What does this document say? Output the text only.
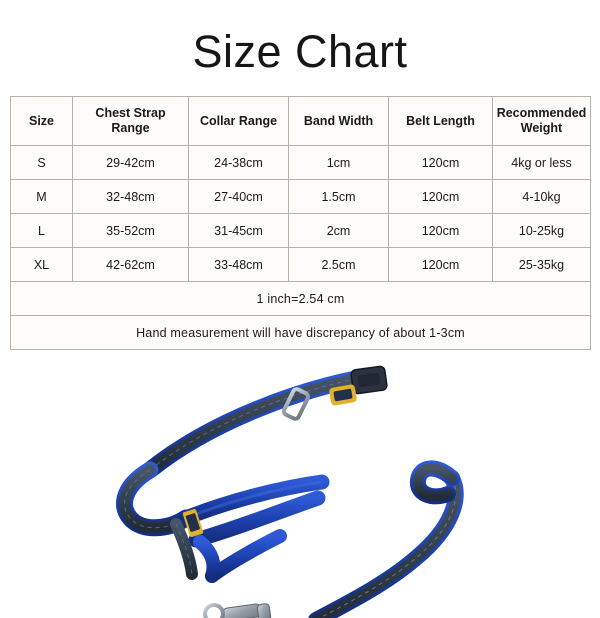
Size Chart
Size	Chest Strap Range	Collar Range	Band Width	Belt Length	Recommended Weight
S	29-42cm	24-38cm	1cm	120cm	4kg or less
M	32-48cm	27-40cm	1.5cm	120cm	4-10kg
L	35-52cm	31-45cm	2cm	120cm	10-25kg
XL	42-62cm	33-48cm	2.5cm	120cm	25-35kg
1 inch=2.54 cm					
Hand measurement will have discrepancy of about 1-3cm					
